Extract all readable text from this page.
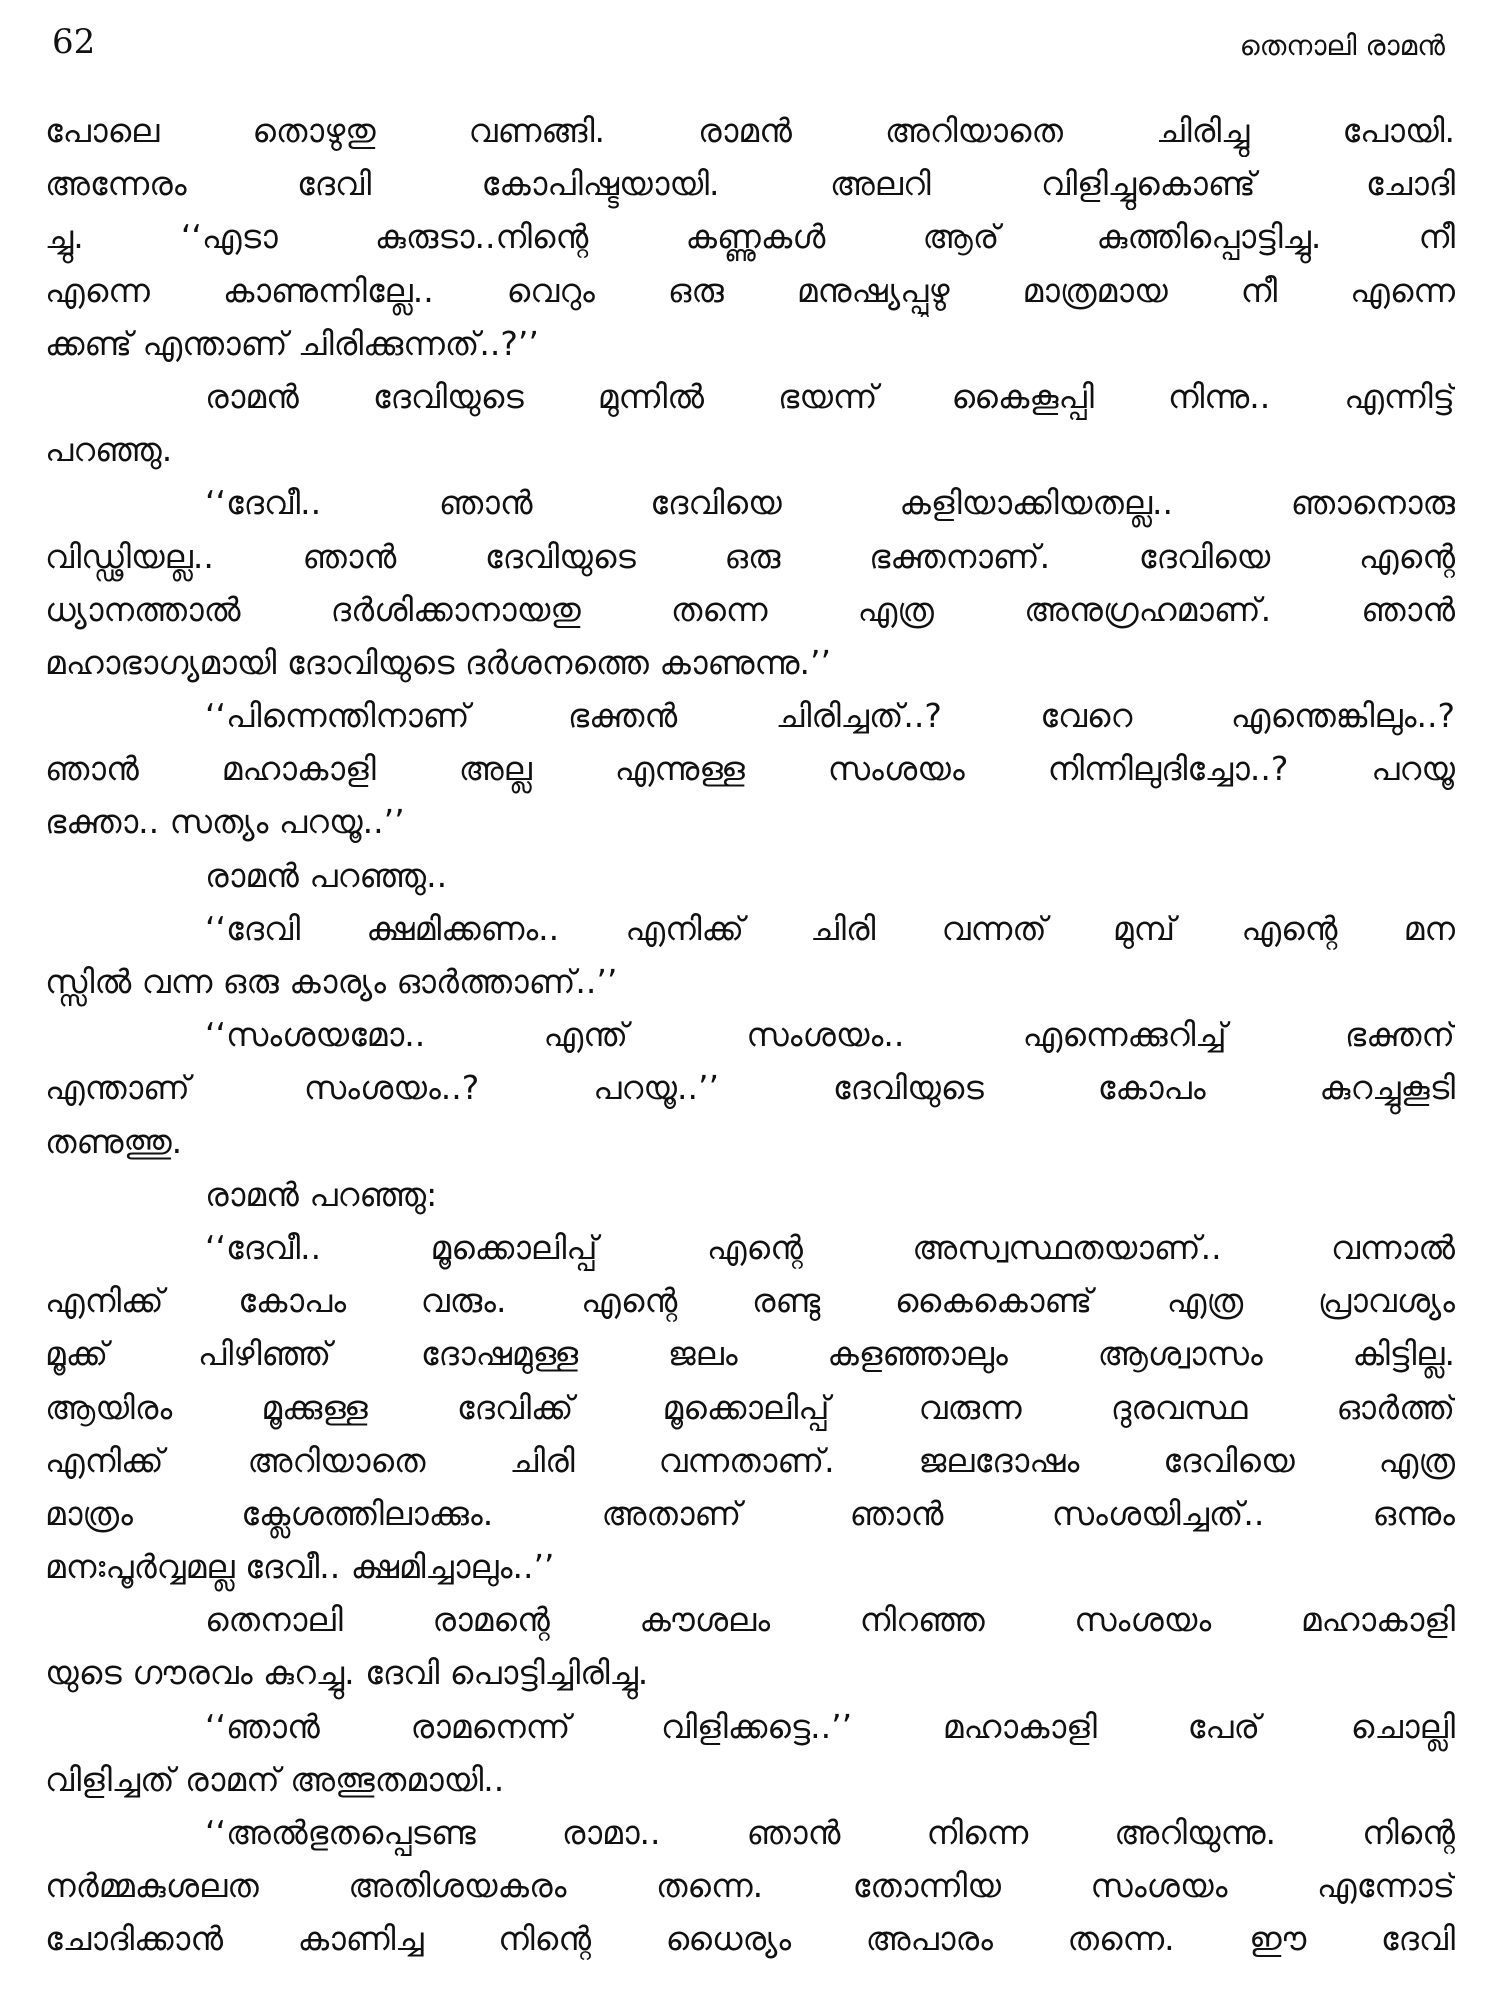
62	തെനാലി രാമൻ
പോലെ തൊഴുതു വണങ്ങി. രാമൻ അറിയാതെ ചിരിച്ചു പോയി.
അന്നേരം ദേവി കോപിഷ്ടയായി. അലറി വിളിച്ചുകൊണ്ട് ചോദി
ച്ചു. ‘‘എടാ കുരുടാ..നിന്റെ കണ്ണുകൾ ആര് കുത്തിപ്പൊട്ടിച്ചു. നീ
എന്നെ കാണുന്നില്ലേ.. വെറും ഒരു മനുഷ്യപ്പുഴു മാത്രമായ നീ എന്നെ
ക്കണ്ട് എന്താണ് ചിരിക്കുന്നത്..?’’
രാമൻ ദേവിയുടെ മുന്നിൽ ഭയന്ന് കൈകൂപ്പി നിന്നു.. എന്നിട്ട്
പറഞ്ഞു.
‘‘ദേവീ.. ഞാൻ ദേവിയെ കളിയാക്കിയതല്ല.. ഞാനൊരു
വിഡ്ഢിയല്ല.. ഞാൻ ദേവിയുടെ ഒരു ഭക്തനാണ്. ദേവിയെ എന്റെ
ധ്യാനത്താൽ ദർശിക്കാനായതു തന്നെ എത്ര അനുഗ്രഹമാണ്. ഞാൻ
മഹാഭാഗ്യമായി ദോവിയുടെ ദർശനത്തെ കാണുന്നു.’’
‘‘പിന്നെന്തിനാണ് ഭക്തൻ ചിരിച്ചത്..? വേറെ എന്തെങ്കിലും..?
ഞാൻ മഹാകാളി അല്ല എന്നുള്ള സംശയം നിന്നിലുദിച്ചോ..? പറയൂ
ഭക്താ.. സത്യം പറയൂ..’’
രാമൻ പറഞ്ഞു..
‘‘ദേവി ക്ഷമിക്കണം.. എനിക്ക് ചിരി വന്നത് മുമ്പ് എന്റെ മന
സ്സിൽ വന്ന ഒരു കാര്യം ഓർത്താണ്..’’
‘‘സംശയമോ.. എന്ത് സംശയം.. എന്നെക്കുറിച്ച് ഭക്തന്
എന്താണ് സംശയം..? പറയൂ..’’ ദേവിയുടെ കോപം കുറച്ചുകൂടി
തണുത്തു.
രാമൻ പറഞ്ഞു:
‘‘ദേവീ.. മൂക്കൊലിപ്പ് എന്റെ അസ്വസ്ഥതയാണ്.. വന്നാൽ
എനിക്ക് കോപം വരും. എന്റെ രണ്ടു കൈകൊണ്ട് എത്ര പ്രാവശ്യം
മൂക്ക് പിഴിഞ്ഞ് ദോഷമുള്ള ജലം കളഞ്ഞാലും ആശ്വാസം കിട്ടില്ല.
ആയിരം മൂക്കുള്ള ദേവിക്ക് മൂക്കൊലിപ്പ് വരുന്ന ദുരവസ്ഥ ഓർത്ത്
എനിക്ക് അറിയാതെ ചിരി വന്നതാണ്. ജലദോഷം ദേവിയെ എത്ര
മാത്രം ക്ലേശത്തിലാക്കും. അതാണ് ഞാൻ സംശയിച്ചത്.. ഒന്നും
മനഃപൂർവ്വമല്ല ദേവീ.. ക്ഷമിച്ചാലും..’’
തെനാലി രാമന്റെ കൗശലം നിറഞ്ഞ സംശയം മഹാകാളി
യുടെ ഗൗരവം കുറച്ചു. ദേവി പൊട്ടിച്ചിരിച്ചു.
‘‘ഞാൻ രാമനെന്ന് വിളിക്കട്ടെ..’’ മഹാകാളി പേര് ചൊല്ലി
വിളിച്ചത് രാമന് അത്ഭുതമായി..
‘‘അൽഭുതപ്പെടണ്ട രാമാ.. ഞാൻ നിന്നെ അറിയുന്നു. നിന്റെ
നർമ്മകുശലത അതിശയകരം തന്നെ. തോന്നിയ സംശയം എന്നോട്
ചോദിക്കാൻ കാണിച്ച നിന്റെ ധൈര്യം അപാരം തന്നെ. ഈ ദേവി
